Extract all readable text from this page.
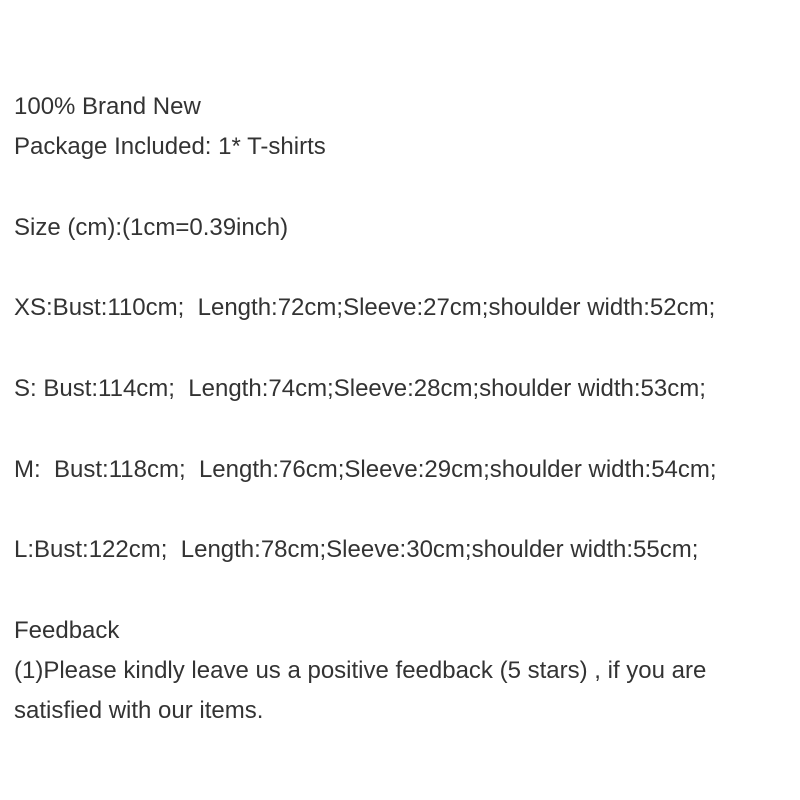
100% Brand New
Package Included: 1* T-shirts
Size (cm):(1cm=0.39inch)
XS:Bust:110cm;  Length:72cm;Sleeve:27cm;shoulder width:52cm;
S: Bust:114cm;  Length:74cm;Sleeve:28cm;shoulder width:53cm;
M:  Bust:118cm;  Length:76cm;Sleeve:29cm;shoulder width:54cm;
L:Bust:122cm;  Length:78cm;Sleeve:30cm;shoulder width:55cm;
Feedback
(1)Please kindly leave us a positive feedback (5 stars) , if you are
satisfied with our items.
